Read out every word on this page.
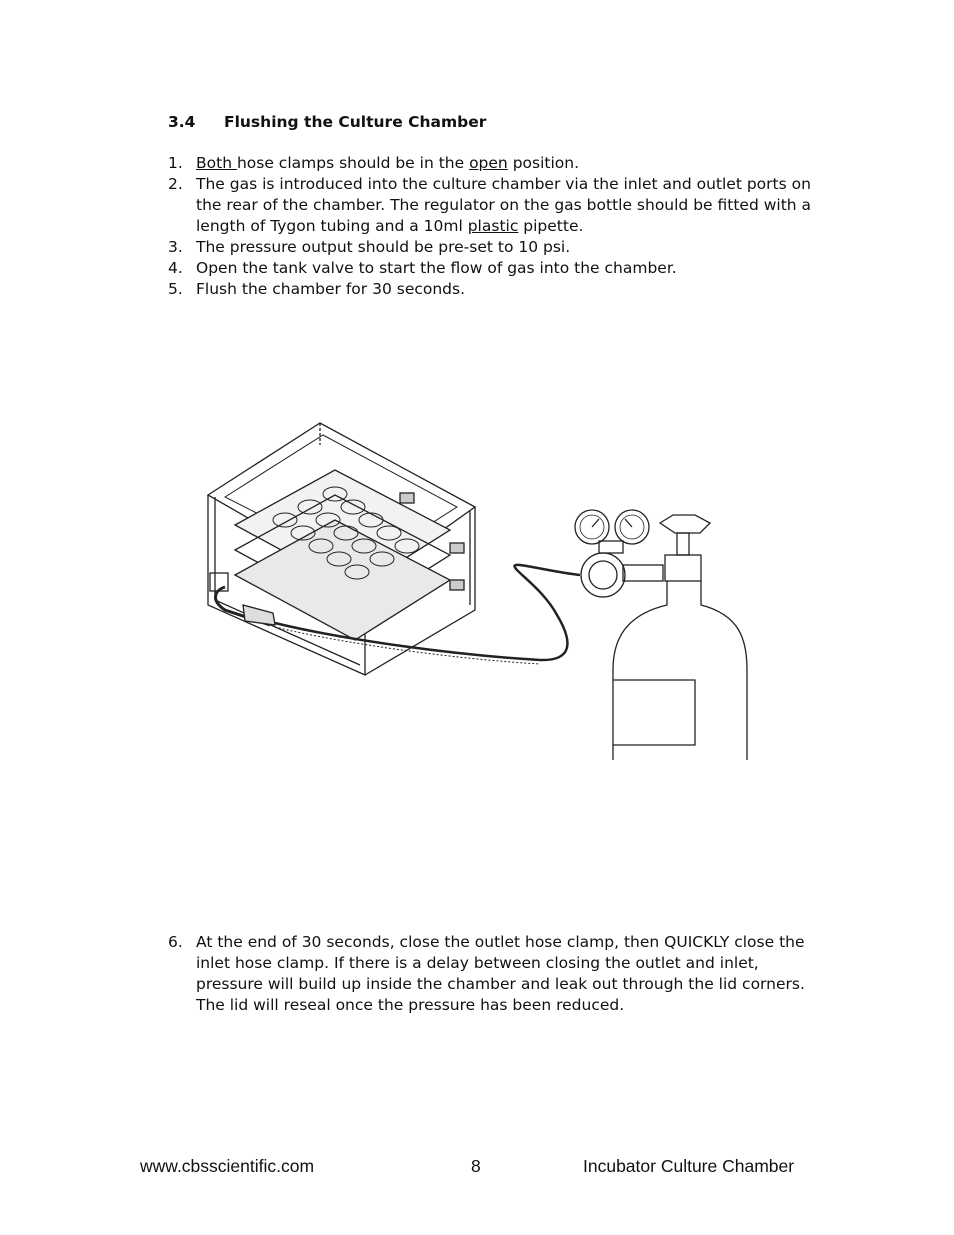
3.4 Flushing the Culture Chamber
1. Both hose clamps should be in the open position.
2. The gas is introduced into the culture chamber via the inlet and outlet ports on the rear of the chamber. The regulator on the gas bottle should be fitted with a length of Tygon tubing and a 10ml plastic pipette.
3. The pressure output should be pre-set to 10 psi.
4. Open the tank valve to start the flow of gas into the chamber.
5. Flush the chamber for 30 seconds.
6. At the end of 30 seconds, close the outlet hose clamp, then QUICKLY close the inlet hose clamp. If there is a delay between closing the outlet and inlet, pressure will build up inside the chamber and leak out through the lid corners. The lid will reseal once the pressure has been reduced.
www.cbsscientific.com	8	Incubator Culture Chamber
